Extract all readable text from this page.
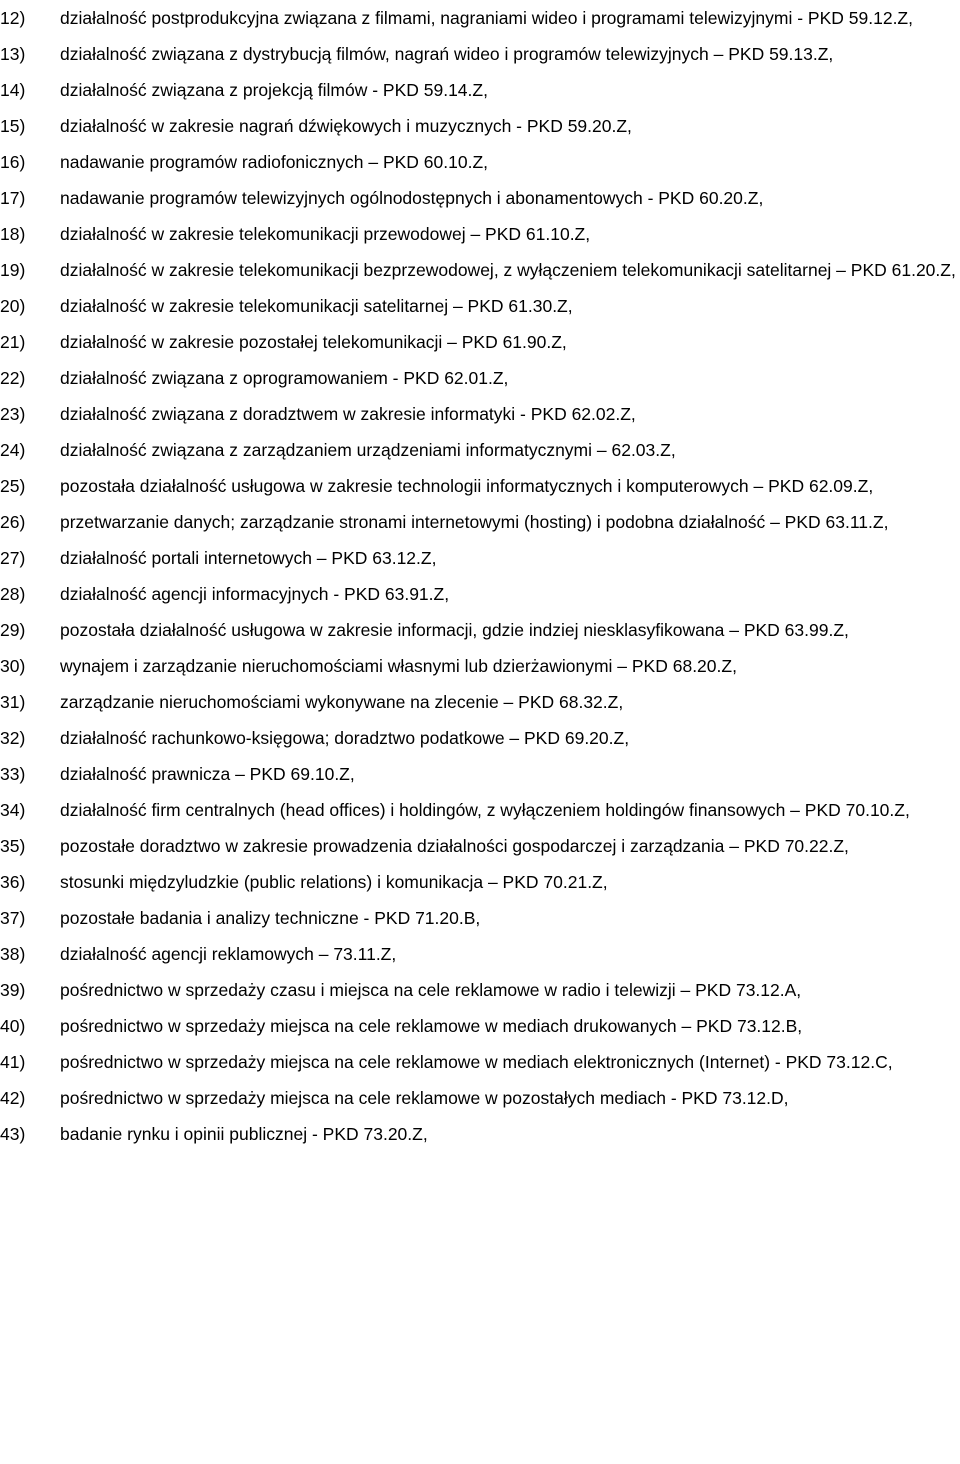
12) działalność postprodukcyjna związana z filmami, nagraniami wideo i programami telewizyjnymi - PKD 59.12.Z,
13) działalność związana z dystrybucją filmów, nagrań wideo i programów telewizyjnych – PKD 59.13.Z,
14) działalność związana z projekcją filmów - PKD 59.14.Z,
15) działalność w zakresie nagrań dźwiękowych i muzycznych - PKD 59.20.Z,
16) nadawanie programów radiofonicznych – PKD 60.10.Z,
17) nadawanie programów telewizyjnych ogólnodostępnych i abonamentowych - PKD 60.20.Z,
18) działalność w zakresie telekomunikacji przewodowej – PKD 61.10.Z,
19) działalność w zakresie telekomunikacji bezprzewodowej, z wyłączeniem telekomunikacji satelitarnej – PKD 61.20.Z,
20) działalność w zakresie telekomunikacji satelitarnej – PKD 61.30.Z,
21) działalność w zakresie pozostałej telekomunikacji – PKD 61.90.Z,
22) działalność związana z oprogramowaniem - PKD 62.01.Z,
23) działalność związana z doradztwem w zakresie informatyki - PKD 62.02.Z,
24) działalność związana z zarządzaniem urządzeniami informatycznymi – 62.03.Z,
25) pozostała działalność usługowa w zakresie technologii informatycznych i komputerowych – PKD 62.09.Z,
26) przetwarzanie danych; zarządzanie stronami internetowymi (hosting) i podobna działalność – PKD 63.11.Z,
27) działalność portali internetowych – PKD 63.12.Z,
28) działalność agencji informacyjnych - PKD 63.91.Z,
29) pozostała działalność usługowa w zakresie informacji, gdzie indziej niesklasyfikowana – PKD 63.99.Z,
30) wynajem i zarządzanie nieruchomościami własnymi lub dzierżawionymi – PKD 68.20.Z,
31) zarządzanie nieruchomościami wykonywane na zlecenie – PKD 68.32.Z,
32) działalność rachunkowo-księgowa; doradztwo podatkowe – PKD 69.20.Z,
33) działalność prawnicza – PKD 69.10.Z,
34) działalność firm centralnych (head offices) i holdingów, z wyłączeniem holdingów finansowych – PKD 70.10.Z,
35) pozostałe doradztwo w zakresie prowadzenia działalności gospodarczej i zarządzania – PKD 70.22.Z,
36) stosunki międzyludzkie (public relations) i komunikacja – PKD 70.21.Z,
37) pozostałe badania i analizy techniczne - PKD 71.20.B,
38) działalność agencji reklamowych – 73.11.Z,
39) pośrednictwo w sprzedaży czasu i miejsca na cele reklamowe w radio i telewizji – PKD 73.12.A,
40) pośrednictwo w sprzedaży miejsca na cele reklamowe w mediach drukowanych – PKD 73.12.B,
41) pośrednictwo w sprzedaży miejsca na cele reklamowe w mediach elektronicznych (Internet) - PKD 73.12.C,
42) pośrednictwo w sprzedaży miejsca na cele reklamowe w pozostałych mediach - PKD 73.12.D,
43) badanie rynku i opinii publicznej - PKD 73.20.Z,
